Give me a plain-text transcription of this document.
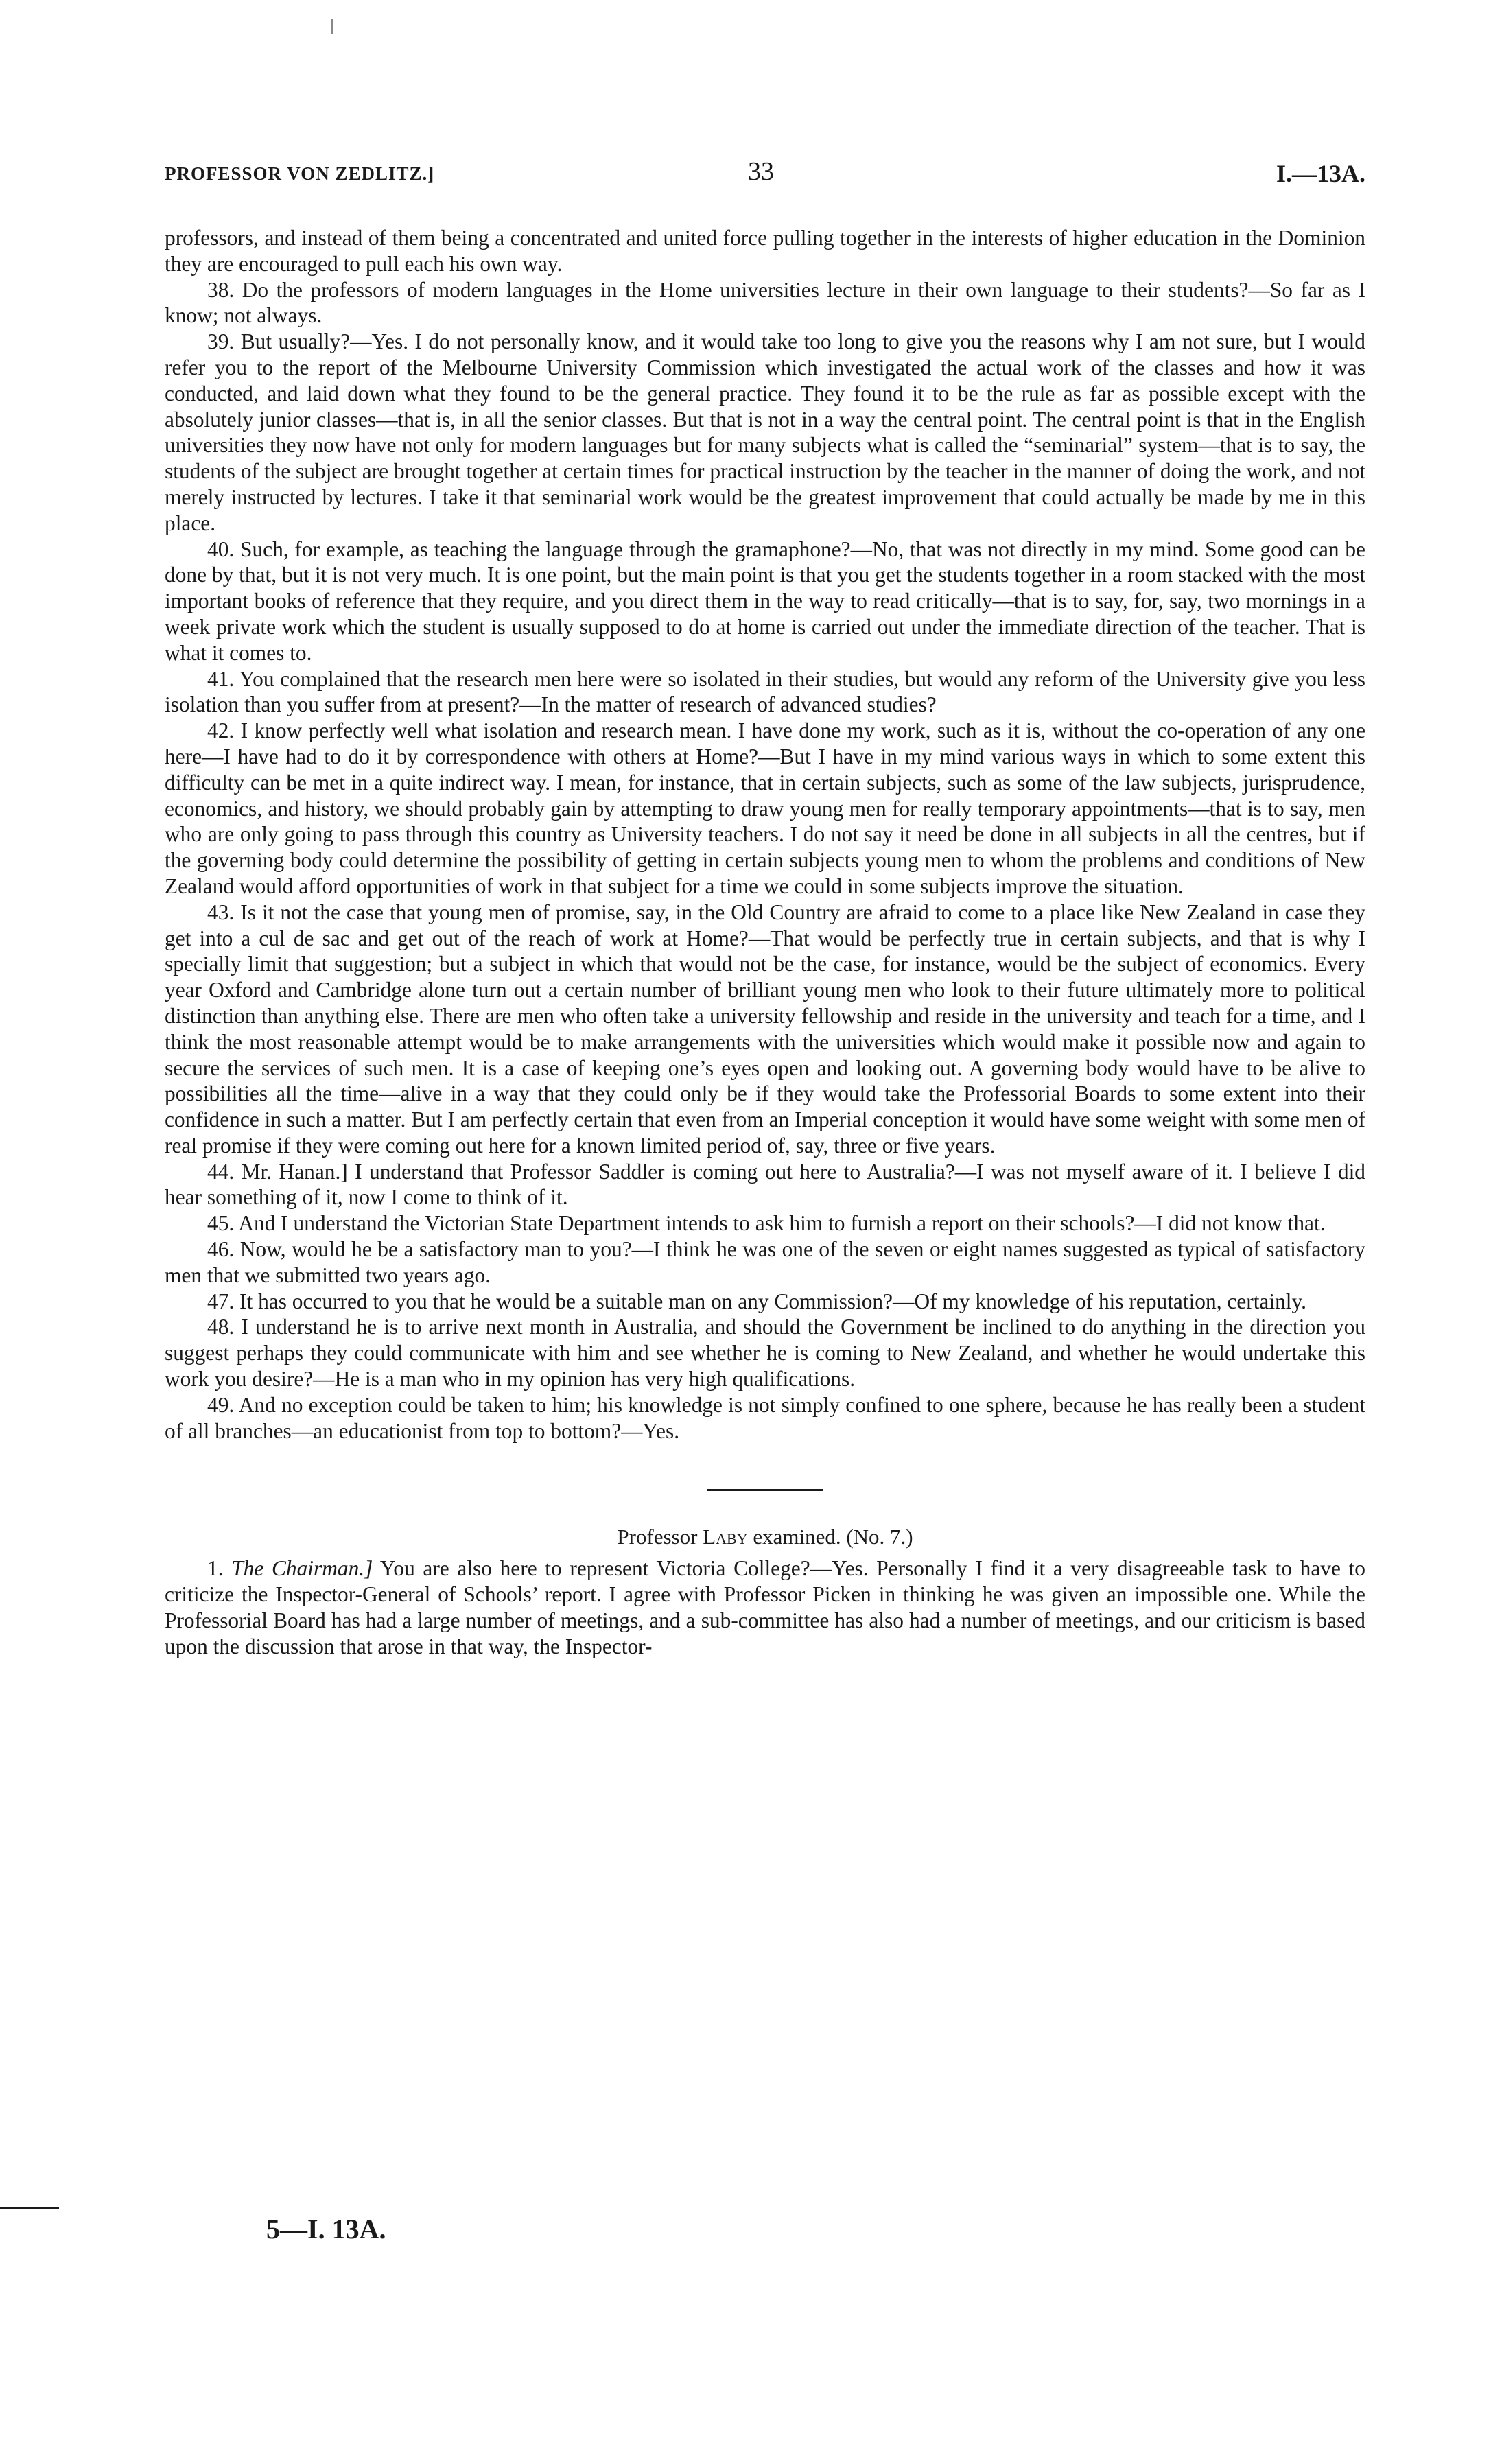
PROFESSOR VON ZEDLITZ.]	33	I.—13A.

professors, and instead of them being a concentrated and united force pulling together in the interests of higher education in the Dominion they are encouraged to pull each his own way.

38. Do the professors of modern languages in the Home universities lecture in their own language to their students?—So far as I know; not always.

39. But usually?—Yes. I do not personally know, and it would take too long to give you the reasons why I am not sure, but I would refer you to the report of the Melbourne University Commission which investigated the actual work of the classes and how it was conducted, and laid down what they found to be the general practice. They found it to be the rule as far as possible except with the absolutely junior classes—that is, in all the senior classes. But that is not in a way the central point. The central point is that in the English universities they now have not only for modern languages but for many subjects what is called the “seminarial” system—that is to say, the students of the subject are brought together at certain times for practical instruction by the teacher in the manner of doing the work, and not merely instructed by lectures. I take it that seminarial work would be the greatest improvement that could actually be made by me in this place.

40. Such, for example, as teaching the language through the gramaphone?—No, that was not directly in my mind. Some good can be done by that, but it is not very much. It is one point, but the main point is that you get the students together in a room stacked with the most important books of reference that they require, and you direct them in the way to read critically—that is to say, for, say, two mornings in a week private work which the student is usually supposed to do at home is carried out under the immediate direction of the teacher. That is what it comes to.

41. You complained that the research men here were so isolated in their studies, but would any reform of the University give you less isolation than you suffer from at present?—In the matter of research of advanced studies?

42. I know perfectly well what isolation and research mean. I have done my work, such as it is, without the co-operation of any one here—I have had to do it by correspondence with others at Home?—But I have in my mind various ways in which to some extent this difficulty can be met in a quite indirect way. I mean, for instance, that in certain subjects, such as some of the law subjects, jurisprudence, economics, and history, we should probably gain by attempting to draw young men for really temporary appointments—that is to say, men who are only going to pass through this country as University teachers. I do not say it need be done in all subjects in all the centres, but if the governing body could determine the possibility of getting in certain subjects young men to whom the problems and conditions of New Zealand would afford opportunities of work in that subject for a time we could in some subjects improve the situation.

43. Is it not the case that young men of promise, say, in the Old Country are afraid to come to a place like New Zealand in case they get into a cul de sac and get out of the reach of work at Home?—That would be perfectly true in certain subjects, and that is why I specially limit that suggestion; but a subject in which that would not be the case, for instance, would be the subject of economics. Every year Oxford and Cambridge alone turn out a certain number of brilliant young men who look to their future ultimately more to political distinction than anything else. There are men who often take a university fellowship and reside in the university and teach for a time, and I think the most reasonable attempt would be to make arrangements with the universities which would make it possible now and again to secure the services of such men. It is a case of keeping one’s eyes open and looking out. A governing body would have to be alive to possibilities all the time—alive in a way that they could only be if they would take the Professorial Boards to some extent into their confidence in such a matter. But I am perfectly certain that even from an Imperial conception it would have some weight with some men of real promise if they were coming out here for a known limited period of, say, three or five years.

44. Mr. Hanan.] I understand that Professor Saddler is coming out here to Australia?—I was not myself aware of it. I believe I did hear something of it, now I come to think of it.

45. And I understand the Victorian State Department intends to ask him to furnish a report on their schools?—I did not know that.

46. Now, would he be a satisfactory man to you?—I think he was one of the seven or eight names suggested as typical of satisfactory men that we submitted two years ago.

47. It has occurred to you that he would be a suitable man on any Commission?—Of my knowledge of his reputation, certainly.

48. I understand he is to arrive next month in Australia, and should the Government be inclined to do anything in the direction you suggest perhaps they could communicate with him and see whether he is coming to New Zealand, and whether he would undertake this work you desire?—He is a man who in my opinion has very high qualifications.

49. And no exception could be taken to him; his knowledge is not simply confined to one sphere, because he has really been a student of all branches—an educationist from top to bottom?—Yes.

Professor Laby examined. (No. 7.)

1. The Chairman.] You are also here to represent Victoria College?—Yes. Personally I find it a very disagreeable task to have to criticize the Inspector-General of Schools’ report. I agree with Professor Picken in thinking he was given an impossible one. While the Professorial Board has had a large number of meetings, and a sub-committee has also had a number of meetings, and our criticism is based upon the discussion that arose in that way, the Inspector-

5—I. 13A.
